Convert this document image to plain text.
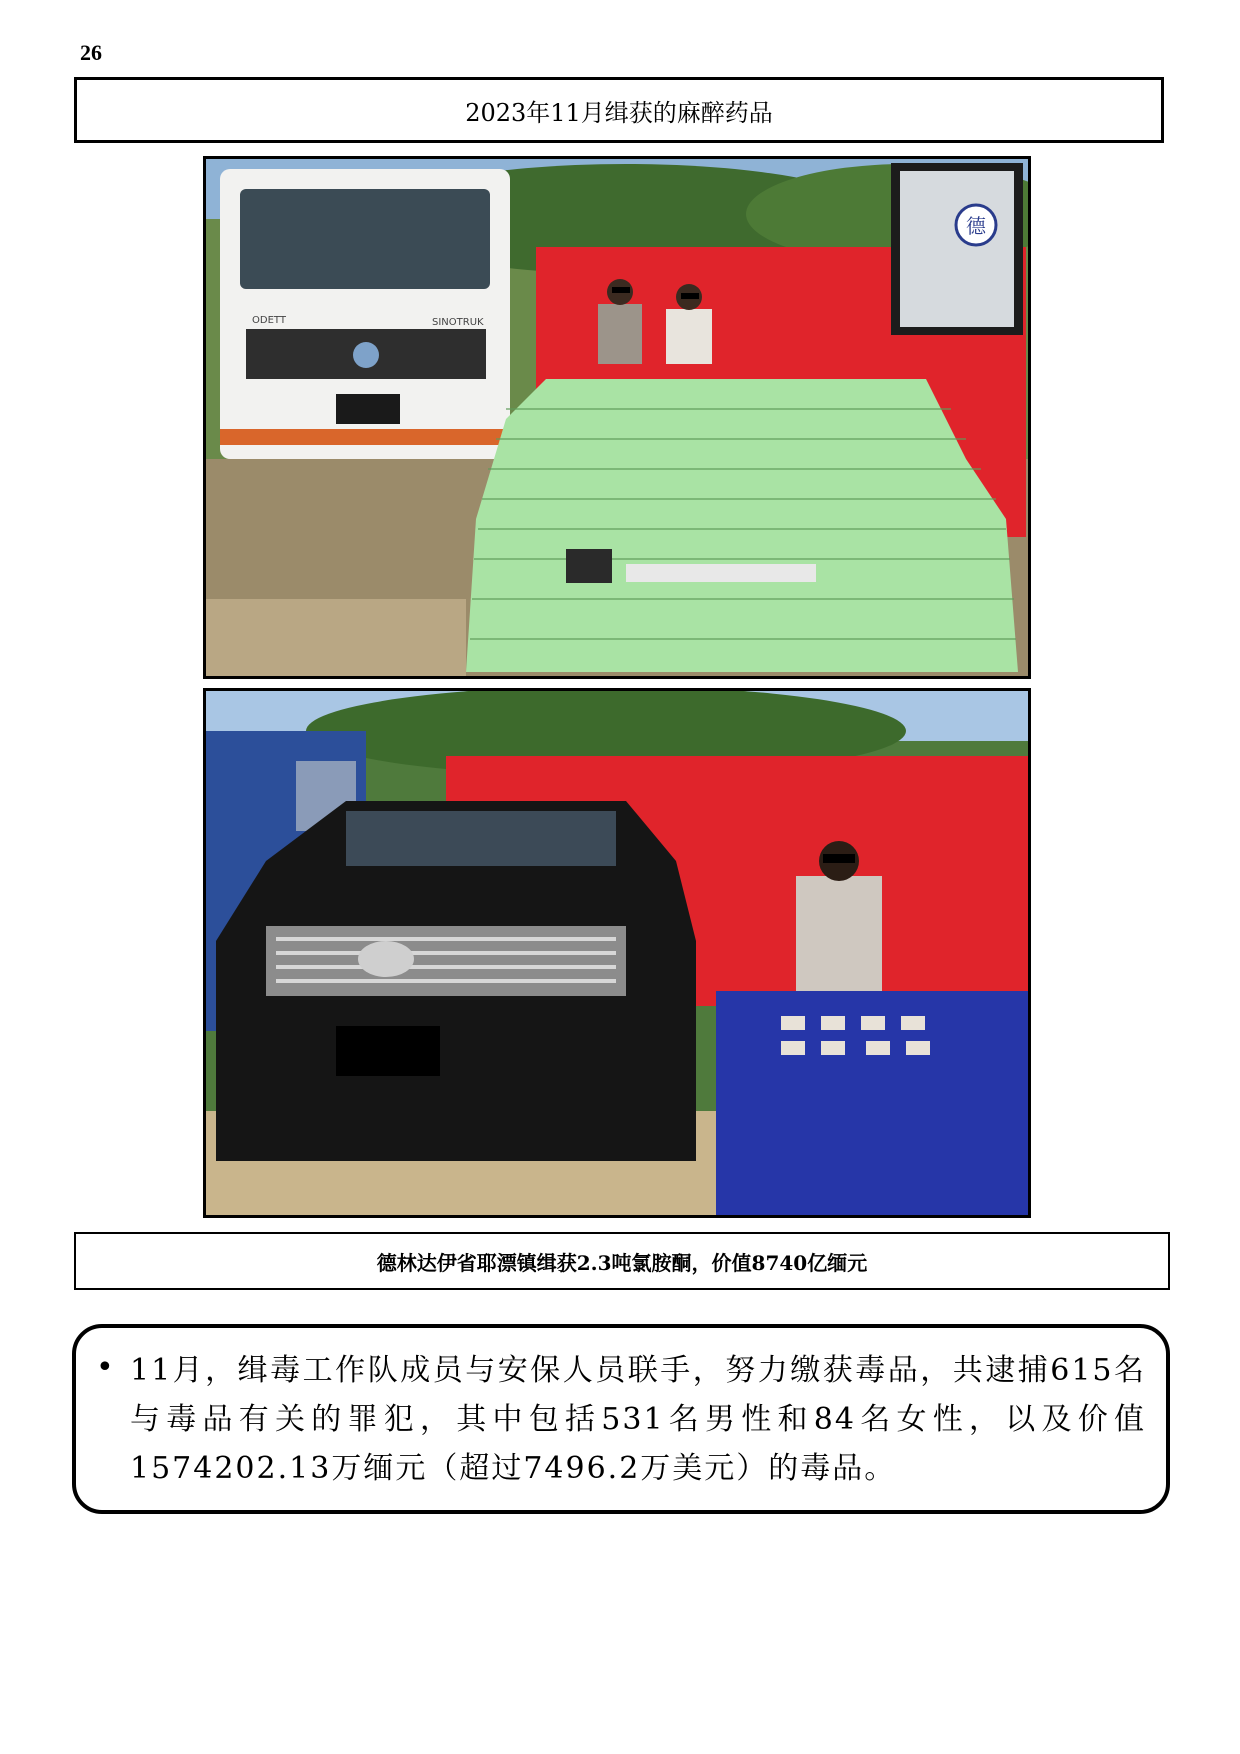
26
2023年11月缉获的麻醉药品
ODETT	SINOTRUK
德
德林达伊省耶漂镇缉获2.3吨氯胺酮，价值8740亿缅元
• 11月，缉毒工作队成员与安保人员联手，努力缴获毒品，共逮捕615名与毒品有关的罪犯，其中包括531名男性和84名女性，以及价值1574202.13万缅元（超过7496.2万美元）的毒品。
